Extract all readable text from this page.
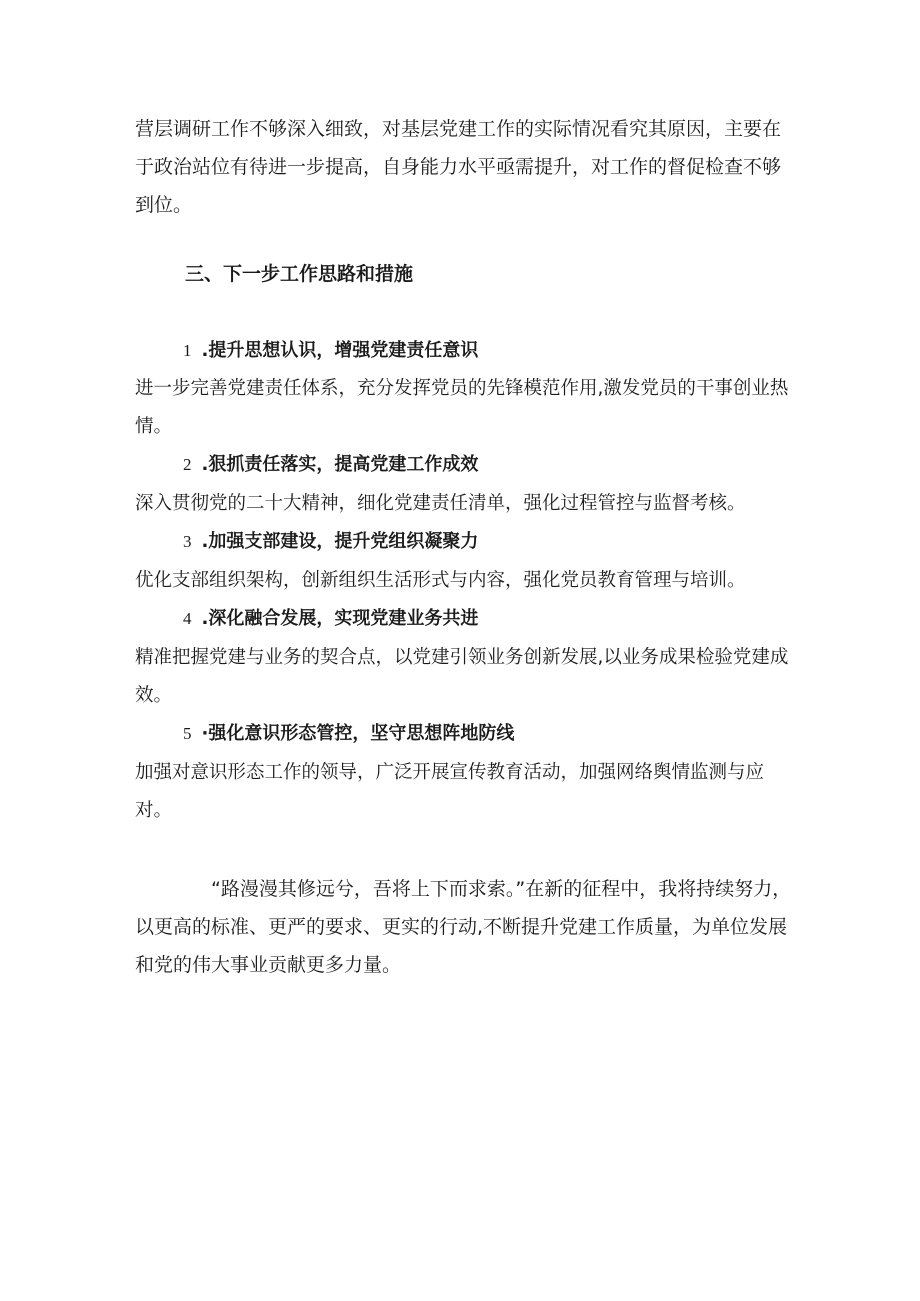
营层调研工作不够深入细致，对基层党建工作的实际情况看究其原因，主要在于政治站位有待进一步提高，自身能力水平亟需提升，对工作的督促检查不够到位。

三、下一步工作思路和措施
1 .提升思想认识，增强党建责任意识

进一步完善党建责任体系，充分发挥党员的先锋模范作用,激发党员的干事创业热情。

2 .狠抓责任落实，提高党建工作成效

深入贯彻党的二十大精神，细化党建责任清单，强化过程管控与监督考核。

3 .加强支部建设，提升党组织凝聚力

优化支部组织架构，创新组织生活形式与内容，强化党员教育管理与培训。

4 .深化融合发展，实现党建业务共进

精准把握党建与业务的契合点，以党建引领业务创新发展,以业务成果检验党建成效。

5 ·强化意识形态管控，坚守思想阵地防线

加强对意识形态工作的领导，广泛开展宣传教育活动，加强网络舆情监测与应对。

“路漫漫其修远兮，吾将上下而求索。”在新的征程中，我将持续努力，以更高的标准、更严的要求、更实的行动,不断提升党建工作质量，为单位发展和党的伟大事业贡献更多力量。
